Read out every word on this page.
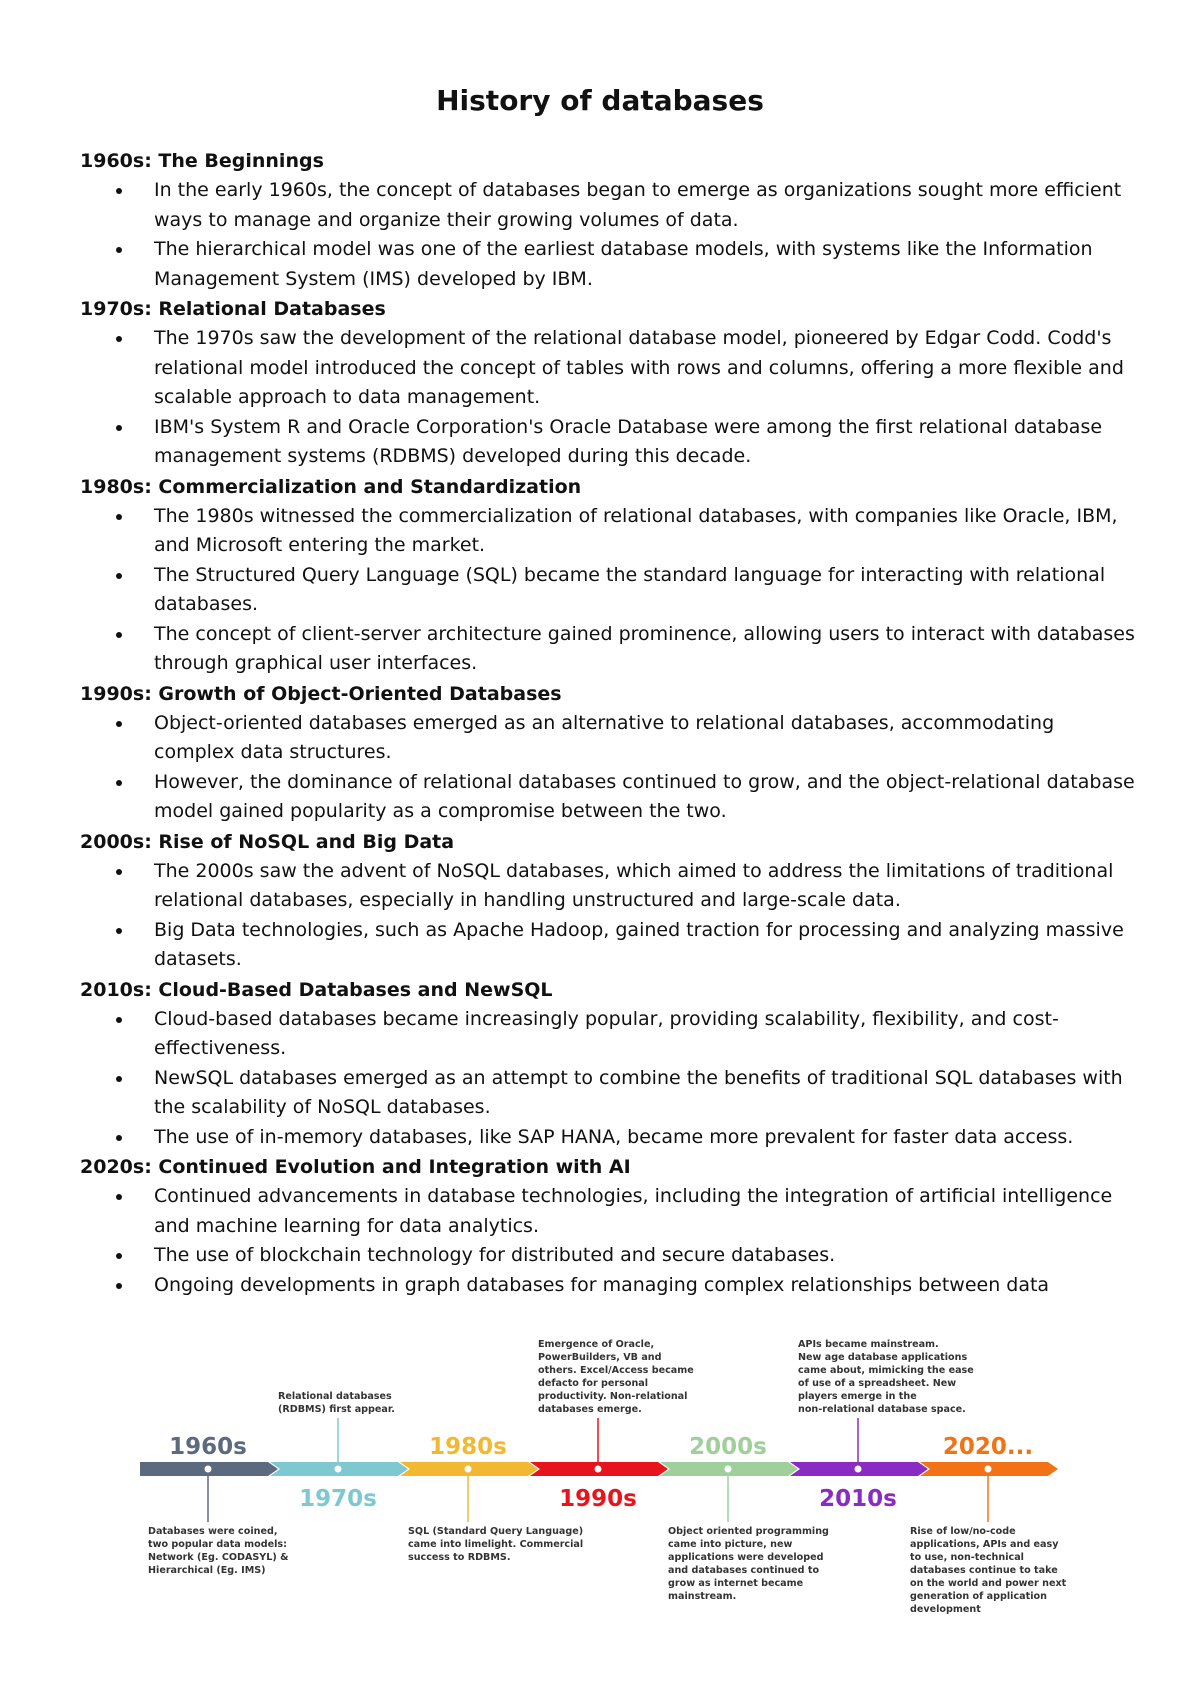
History of databases
1960s: The Beginnings
In the early 1960s, the concept of databases began to emerge as organizations sought more efficient ways to manage and organize their growing volumes of data.
The hierarchical model was one of the earliest database models, with systems like the Information Management System (IMS) developed by IBM.
1970s: Relational Databases
The 1970s saw the development of the relational database model, pioneered by Edgar Codd. Codd's relational model introduced the concept of tables with rows and columns, offering a more flexible and scalable approach to data management.
IBM's System R and Oracle Corporation's Oracle Database were among the first relational database management systems (RDBMS) developed during this decade.
1980s: Commercialization and Standardization
The 1980s witnessed the commercialization of relational databases, with companies like Oracle, IBM, and Microsoft entering the market.
The Structured Query Language (SQL) became the standard language for interacting with relational databases.
The concept of client-server architecture gained prominence, allowing users to interact with databases through graphical user interfaces.
1990s: Growth of Object-Oriented Databases
Object-oriented databases emerged as an alternative to relational databases, accommodating complex data structures.
However, the dominance of relational databases continued to grow, and the object-relational database model gained popularity as a compromise between the two.
2000s: Rise of NoSQL and Big Data
The 2000s saw the advent of NoSQL databases, which aimed to address the limitations of traditional relational databases, especially in handling unstructured and large-scale data.
Big Data technologies, such as Apache Hadoop, gained traction for processing and analyzing massive datasets.
2010s: Cloud-Based Databases and NewSQL
Cloud-based databases became increasingly popular, providing scalability, flexibility, and cost-effectiveness.
NewSQL databases emerged as an attempt to combine the benefits of traditional SQL databases with the scalability of NoSQL databases.
The use of in-memory databases, like SAP HANA, became more prevalent for faster data access.
2020s: Continued Evolution and Integration with AI
Continued advancements in database technologies, including the integration of artificial intelligence and machine learning for data analytics.
The use of blockchain technology for distributed and secure databases.
Ongoing developments in graph databases for managing complex relationships between data
1960s
Databases were coined,
two popular data models:
Network (Eg. CODASYL) &
Hierarchical (Eg. IMS)
1970s
Relational databases
(RDBMS) first appear.
1980s
SQL (Standard Query Language)
came into limelight. Commercial
success to RDBMS.
1990s
Emergence of Oracle,
PowerBuilders, VB and
others. Excel/Access became
defacto for personal
productivity. Non-relational
databases emerge.
2000s
Object oriented programming
came into picture, new
applications were developed
and databases continued to
grow as internet became
mainstream.
2010s
APIs became mainstream.
New age database applications
came about, mimicking the ease
of use of a spreadsheet. New
players emerge in the
non-relational database space.
2020...
Rise of low/no-code
applications, APIs and easy
to use, non-technical
databases continue to take
on the world and power next
generation of application
development
